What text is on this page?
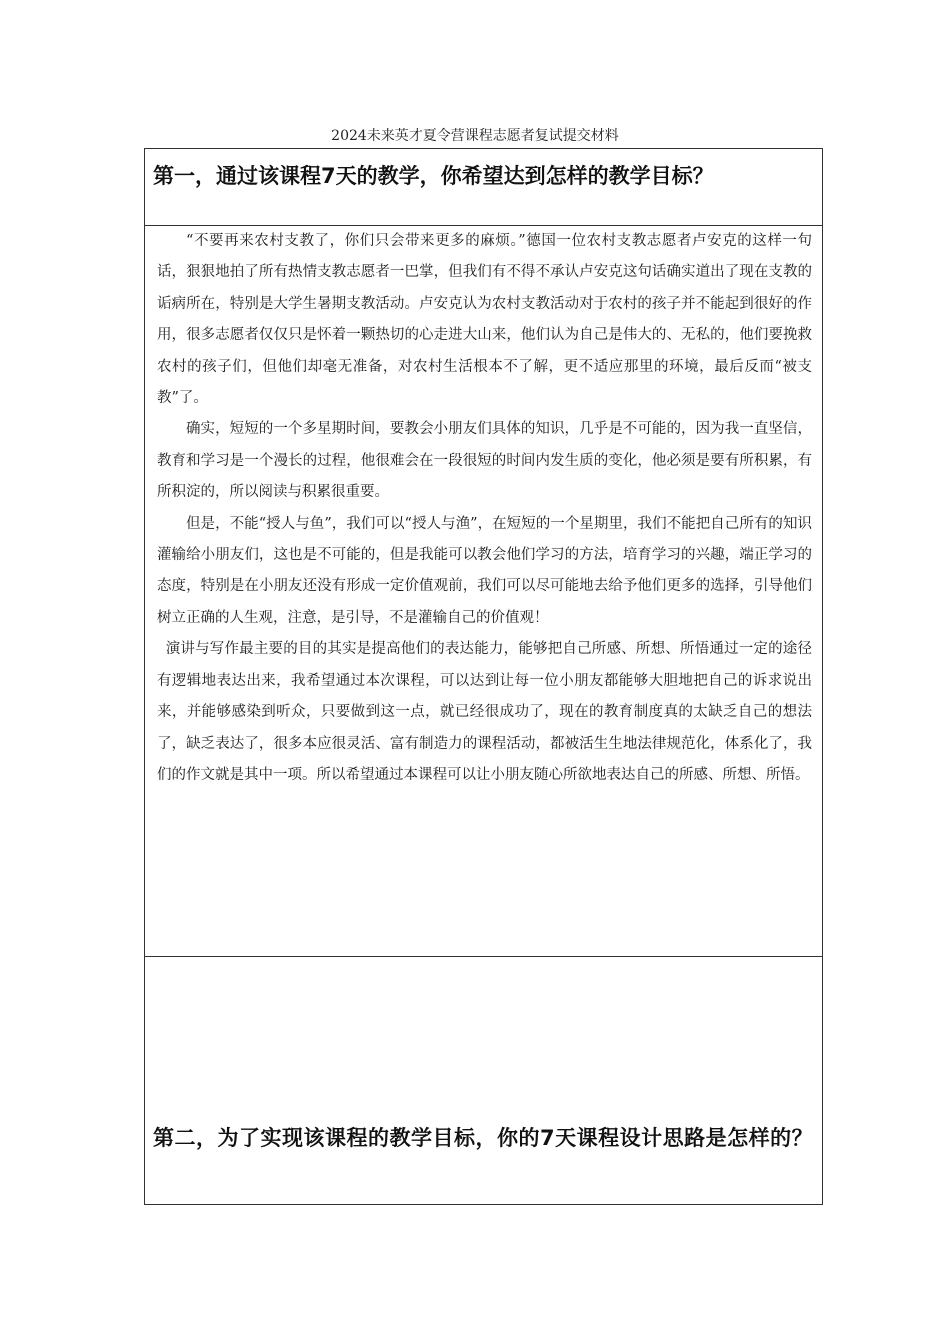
2024未来英才夏令营课程志愿者复试提交材料

第一，通过该课程7天的教学，你希望达到怎样的教学目标？

“不要再来农村支教了，你们只会带来更多的麻烦。”德国一位农村支教志愿者卢安克的这样一句话，狠狠地拍了所有热情支教志愿者一巴掌，但我们有不得不承认卢安克这句话确实道出了现在支教的诟病所在，特别是大学生暑期支教活动。卢安克认为农村支教活动对于农村的孩子并不能起到很好的作用，很多志愿者仅仅只是怀着一颗热切的心走进大山来，他们认为自己是伟大的、无私的，他们要挽救农村的孩子们，但他们却毫无准备，对农村生活根本不了解，更不适应那里的环境，最后反而“被支教”了。

确实，短短的一个多星期时间，要教会小朋友们具体的知识，几乎是不可能的，因为我一直坚信，教育和学习是一个漫长的过程，他很难会在一段很短的时间内发生质的变化，他必须是要有所积累，有所积淀的，所以阅读与积累很重要。

但是，不能“授人与鱼”，我们可以“授人与渔”，在短短的一个星期里，我们不能把自己所有的知识灌输给小朋友们，这也是不可能的，但是我能可以教会他们学习的方法，培育学习的兴趣，端正学习的态度，特别是在小朋友还没有形成一定价值观前，我们可以尽可能地去给予他们更多的选择，引导他们树立正确的人生观，注意，是引导，不是灌输自己的价值观！

演讲与写作最主要的目的其实是提高他们的表达能力，能够把自己所感、所想、所悟通过一定的途径有逻辑地表达出来，我希望通过本次课程，可以达到让每一位小朋友都能够大胆地把自己的诉求说出来，并能够感染到听众，只要做到这一点，就已经很成功了，现在的教育制度真的太缺乏自己的想法了，缺乏表达了，很多本应很灵活、富有制造力的课程活动，都被活生生地法律规范化，体系化了，我们的作文就是其中一项。所以希望通过本课程可以让小朋友随心所欲地表达自己的所感、所想、所悟。

第二，为了实现该课程的教学目标，你的7天课程设计思路是怎样的？
